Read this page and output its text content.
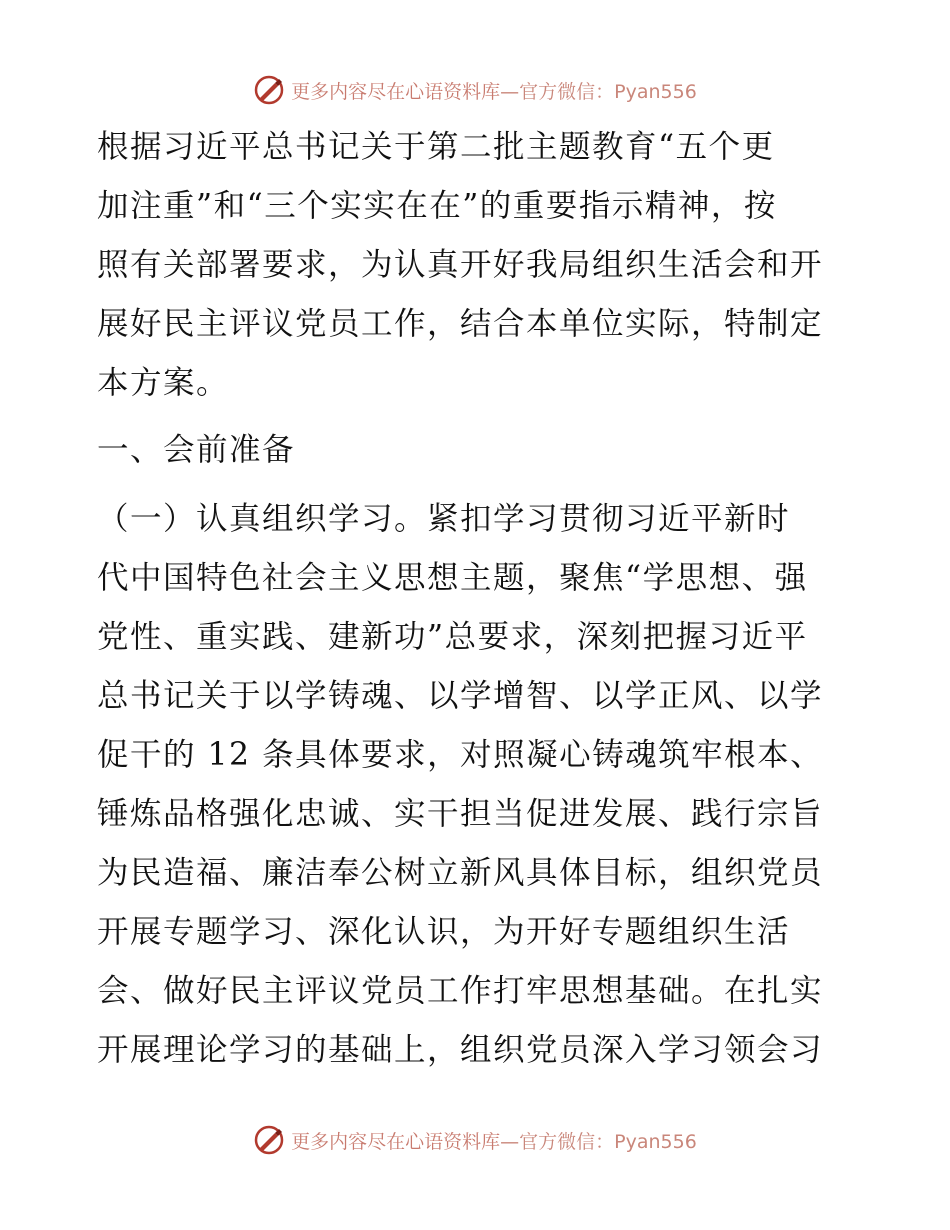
更多内容尽在心语资料库—官方微信：Pyan556

根据习近平总书记关于第二批主题教育“五个更
加注重”和“三个实实在在”的重要指示精神，按
照有关部署要求，为认真开好我局组织生活会和开
展好民主评议党员工作，结合本单位实际，特制定
本方案。

一、会前准备

（一）认真组织学习。紧扣学习贯彻习近平新时
代中国特色社会主义思想主题，聚焦“学思想、强
党性、重实践、建新功”总要求，深刻把握习近平
总书记关于以学铸魂、以学增智、以学正风、以学
促干的 12 条具体要求，对照凝心铸魂筑牢根本、
锤炼品格强化忠诚、实干担当促进发展、践行宗旨
为民造福、廉洁奉公树立新风具体目标，组织党员
开展专题学习、深化认识，为开好专题组织生活
会、做好民主评议党员工作打牢思想基础。在扎实
开展理论学习的基础上，组织党员深入学习领会习

更多内容尽在心语资料库—官方微信：Pyan556
